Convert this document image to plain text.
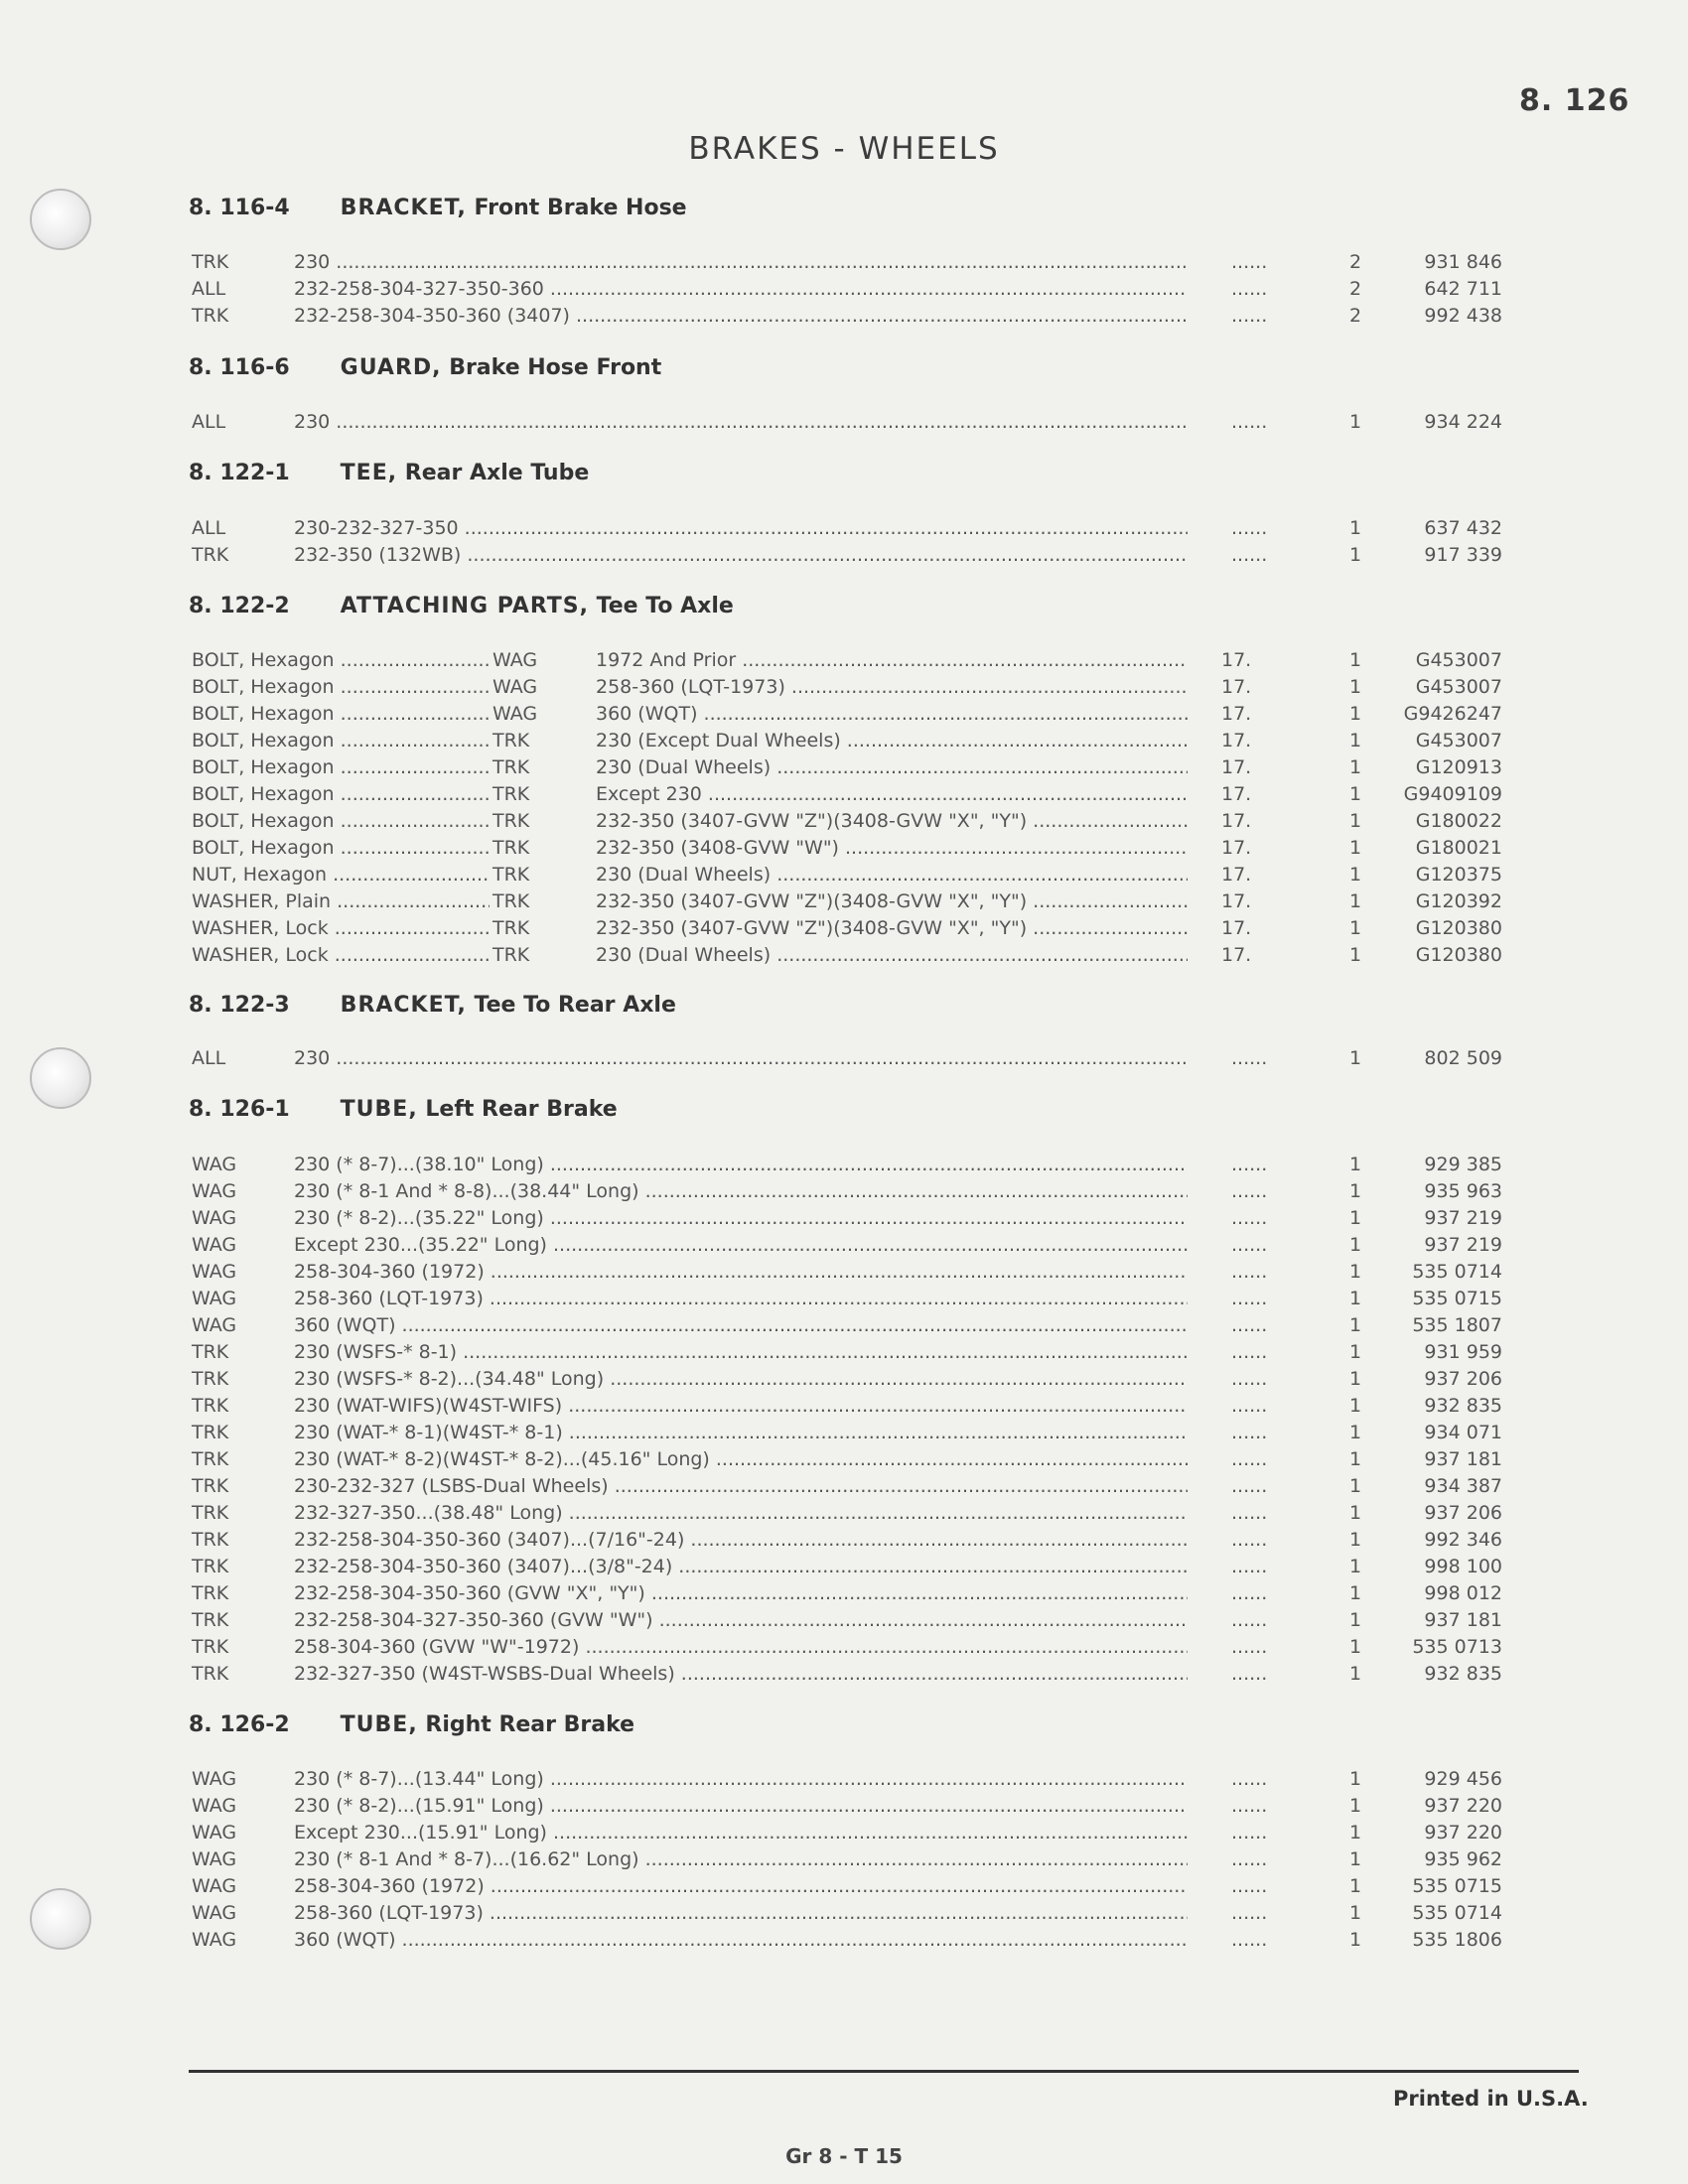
8. 126
BRAKES - WHEELS
8. 116-4 BRACKET, Front Brake Hose
TRK	230 .....	......	2	931 846
ALL	232-258-304-327-350-360 .....	......	2	642 711
TRK	232-258-304-350-360 (3407) .....	......	2	992 438
8. 116-6 GUARD, Brake Hose Front
ALL	230 .....	......	1	934 224
8. 122-1 TEE, Rear Axle Tube
ALL	230-232-327-350 .....	......	1	637 432
TRK	232-350 (132WB) .....	......	1	917 339
8. 122-2 ATTACHING PARTS, Tee To Axle
BOLT, Hexagon .....	WAG	1972 And Prior .....	17.	1	G453007
BOLT, Hexagon .....	WAG	258-360 (LQT-1973) .....	17.	1	G453007
BOLT, Hexagon .....	WAG	360 (WQT) .....	17.	1	G9426247
BOLT, Hexagon .....	TRK	230 (Except Dual Wheels) .....	17.	1	G453007
BOLT, Hexagon .....	TRK	230 (Dual Wheels) .....	17.	1	G120913
BOLT, Hexagon .....	TRK	Except 230 .....	17.	1	G9409109
BOLT, Hexagon .....	TRK	232-350 (3407-GVW "Z")(3408-GVW "X", "Y") .....	17.	1	G180022
BOLT, Hexagon .....	TRK	232-350 (3408-GVW "W") .....	17.	1	G180021
NUT, Hexagon .....	TRK	230 (Dual Wheels) .....	17.	1	G120375
WASHER, Plain .....	TRK	232-350 (3407-GVW "Z")(3408-GVW "X", "Y") .....	17.	1	G120392
WASHER, Lock .....	TRK	232-350 (3407-GVW "Z")(3408-GVW "X", "Y") .....	17.	1	G120380
WASHER, Lock .....	TRK	230 (Dual Wheels) .....	17.	1	G120380
8. 122-3 BRACKET, Tee To Rear Axle
ALL	230 .....	......	1	802 509
8. 126-1 TUBE, Left Rear Brake
WAG	230 (* 8-7)...(38.10" Long) .....	......	1	929 385
WAG	230 (* 8-1 And * 8-8)...(38.44" Long) .....	......	1	935 963
WAG	230 (* 8-2)...(35.22" Long) .....	......	1	937 219
WAG	Except 230...(35.22" Long) .....	......	1	937 219
WAG	258-304-360 (1972) .....	......	1	535 0714
WAG	258-360 (LQT-1973) .....	......	1	535 0715
WAG	360 (WQT) .....	......	1	535 1807
TRK	230 (WSFS-* 8-1) .....	......	1	931 959
TRK	230 (WSFS-* 8-2)...(34.48" Long) .....	......	1	937 206
TRK	230 (WAT-WIFS)(W4ST-WIFS) .....	......	1	932 835
TRK	230 (WAT-* 8-1)(W4ST-* 8-1) .....	......	1	934 071
TRK	230 (WAT-* 8-2)(W4ST-* 8-2)...(45.16" Long) .....	......	1	937 181
TRK	230-232-327 (LSBS-Dual Wheels) .....	......	1	934 387
TRK	232-327-350...(38.48" Long) .....	......	1	937 206
TRK	232-258-304-350-360 (3407)...(7/16"-24) .....	......	1	992 346
TRK	232-258-304-350-360 (3407)...(3/8"-24) .....	......	1	998 100
TRK	232-258-304-350-360 (GVW "X", "Y") .....	......	1	998 012
TRK	232-258-304-327-350-360 (GVW "W") .....	......	1	937 181
TRK	258-304-360 (GVW "W"-1972) .....	......	1	535 0713
TRK	232-327-350 (W4ST-WSBS-Dual Wheels) .....	......	1	932 835
8. 126-2 TUBE, Right Rear Brake
WAG	230 (* 8-7)...(13.44" Long) .....	......	1	929 456
WAG	230 (* 8-2)...(15.91" Long) .....	......	1	937 220
WAG	Except 230...(15.91" Long) .....	......	1	937 220
WAG	230 (* 8-1 And * 8-7)...(16.62" Long) .....	......	1	935 962
WAG	258-304-360 (1972) .....	......	1	535 0715
WAG	258-360 (LQT-1973) .....	......	1	535 0714
WAG	360 (WQT) .....	......	1	535 1806
Printed in U.S.A.
Gr 8 - T 15
